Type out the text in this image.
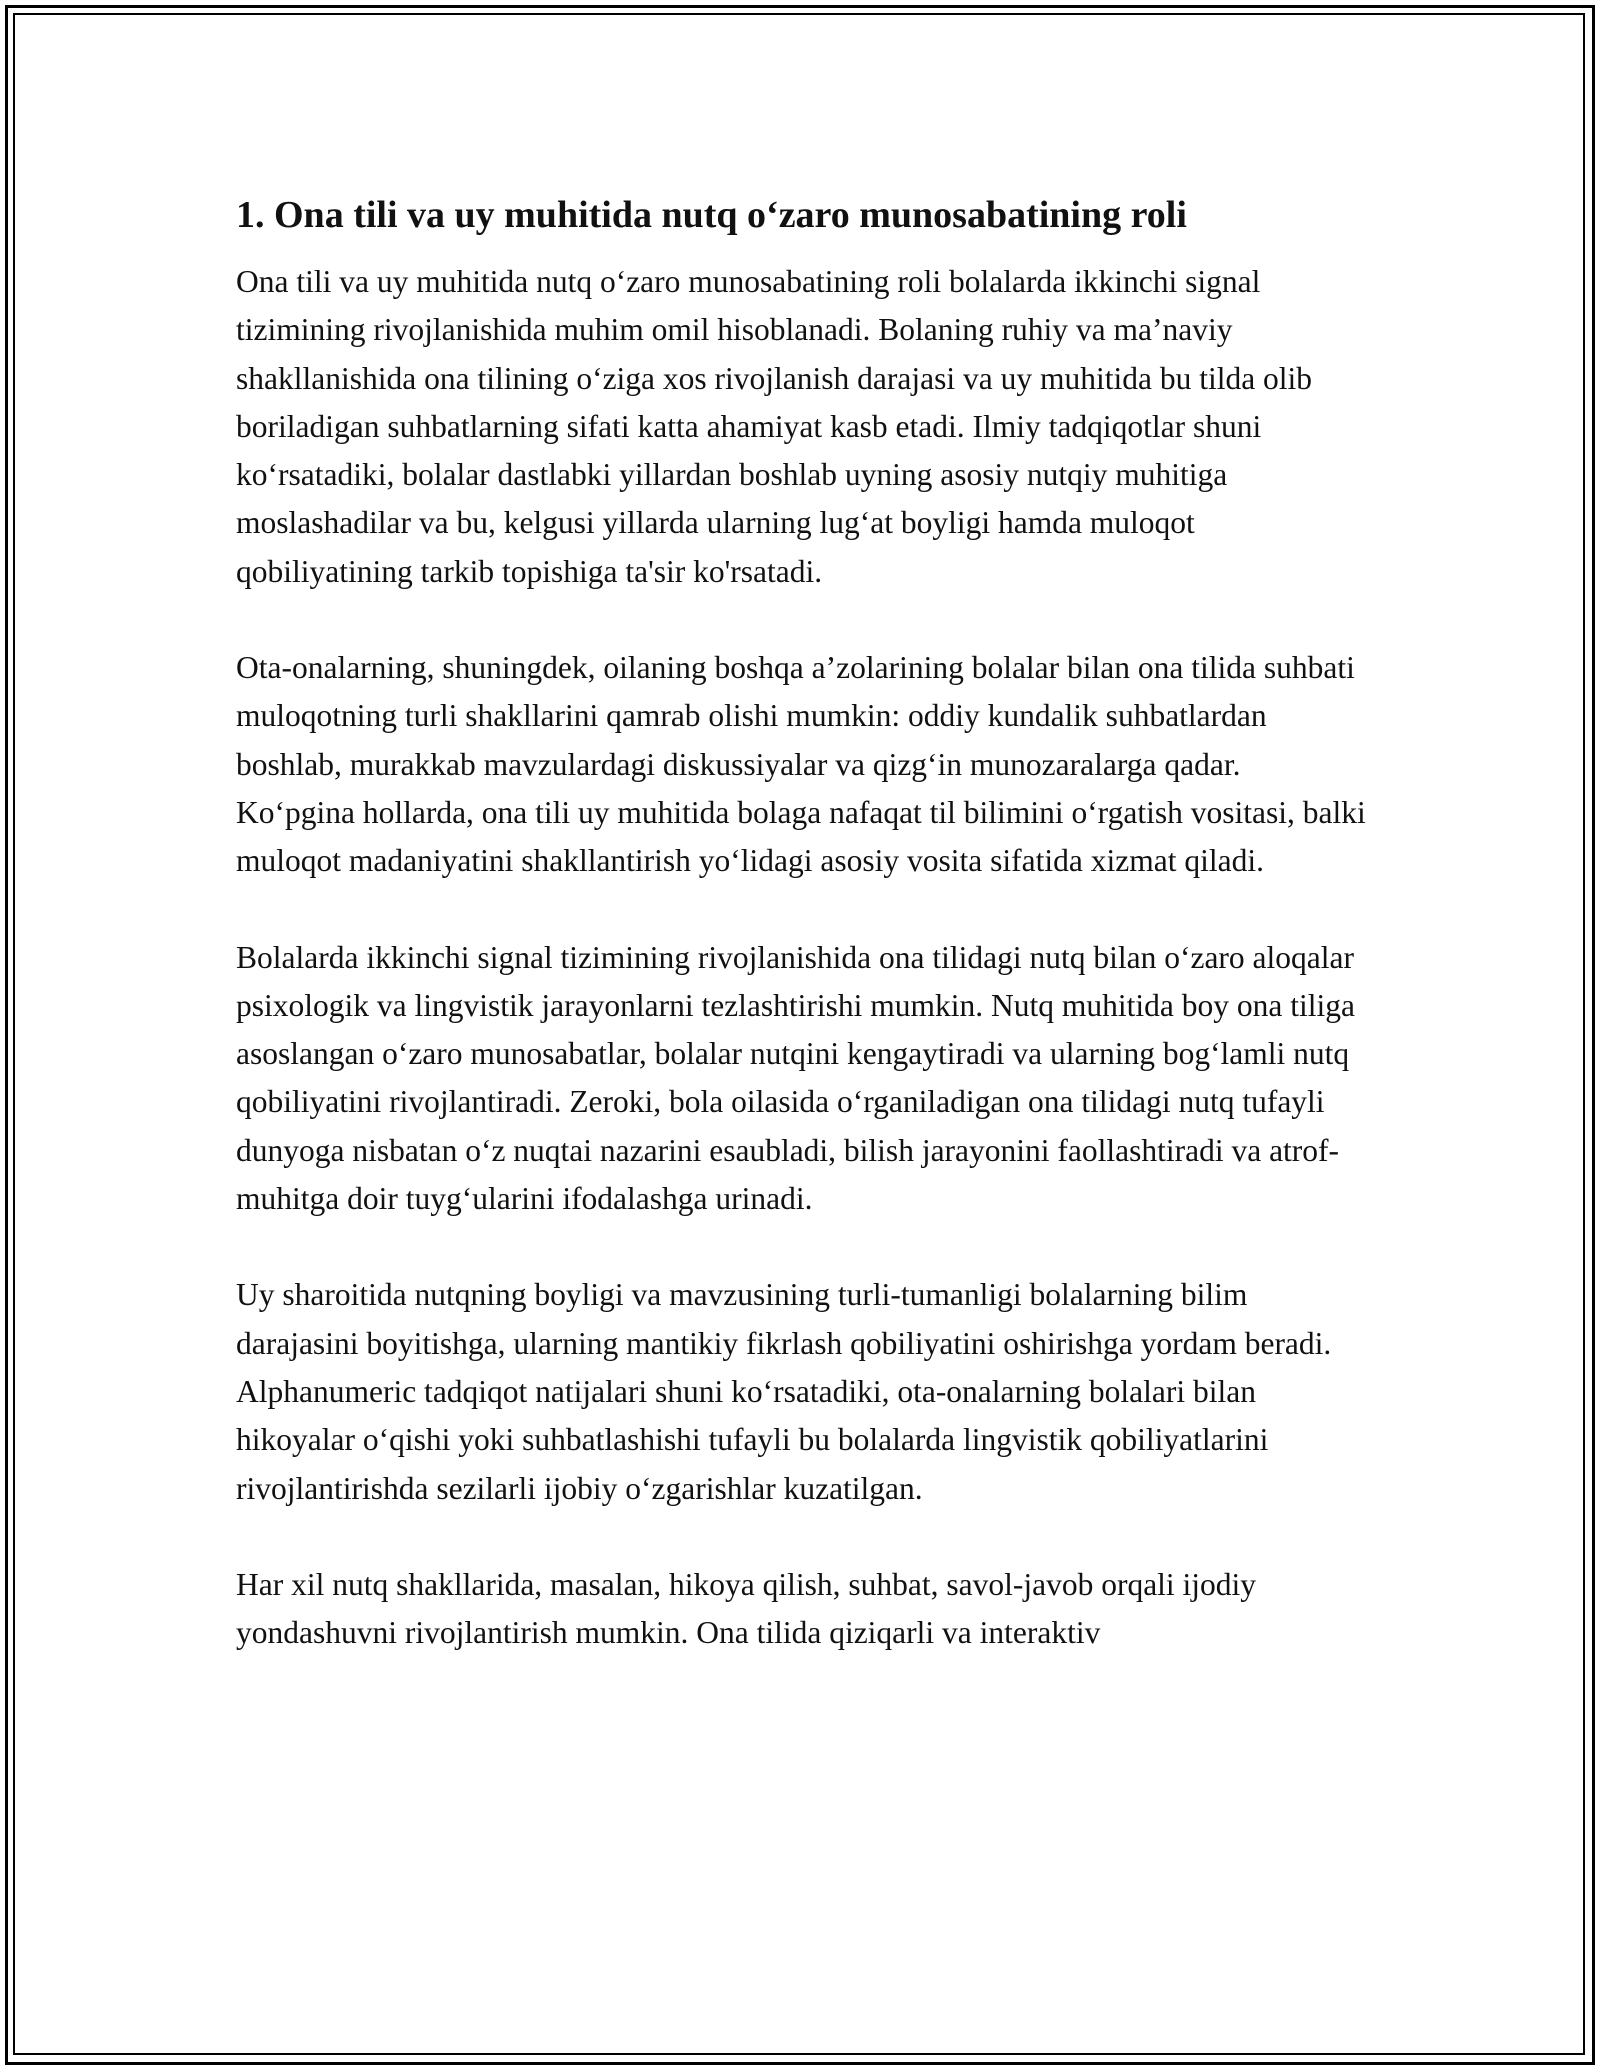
1. Ona tili va uy muhitida nutq o‘zaro munosabatining roli

Ona tili va uy muhitida nutq o‘zaro munosabatining roli bolalarda ikkinchi signal tizimining rivojlanishida muhim omil hisoblanadi. Bolaning ruhiy va ma’naviy shakllanishida ona tilining o‘ziga xos rivojlanish darajasi va uy muhitida bu tilda olib boriladigan suhbatlarning sifati katta ahamiyat kasb etadi. Ilmiy tadqiqotlar shuni ko‘rsatadiki, bolalar dastlabki yillardan boshlab uyning asosiy nutqiy muhitiga moslashadilar va bu, kelgusi yillarda ularning lug‘at boyligi hamda muloqot qobiliyatining tarkib topishiga ta'sir ko'rsatadi.

Ota-onalarning, shuningdek, oilaning boshqa a’zolarining bolalar bilan ona tilida suhbati muloqotning turli shakllarini qamrab olishi mumkin: oddiy kundalik suhbatlardan boshlab, murakkab mavzulardagi diskussiyalar va qizg‘in munozaralarga qadar. Ko‘pgina hollarda, ona tili uy muhitida bolaga nafaqat til bilimini o‘rgatish vositasi, balki muloqot madaniyatini shakllantirish yo‘lidagi asosiy vosita sifatida xizmat qiladi.

Bolalarda ikkinchi signal tizimining rivojlanishida ona tilidagi nutq bilan o‘zaro aloqalar psixologik va lingvistik jarayonlarni tezlashtirishi mumkin. Nutq muhitida boy ona tiliga asoslangan o‘zaro munosabatlar, bolalar nutqini kengaytiradi va ularning bog‘lamli nutq qobiliyatini rivojlantiradi. Zeroki, bola oilasida o‘rganiladigan ona tilidagi nutq tufayli dunyoga nisbatan o‘z nuqtai nazarini esaubladi, bilish jarayonini faollashtiradi va atrof-muhitga doir tuyg‘ularini ifodalashga urinadi.

Uy sharoitida nutqning boyligi va mavzusining turli-tumanligi bolalarning bilim darajasini boyitishga, ularning mantikiy fikrlash qobiliyatini oshirishga yordam beradi. Alphanumeric tadqiqot natijalari shuni ko‘rsatadiki, ota-onalarning bolalari bilan hikoyalar o‘qishi yoki suhbatlashishi tufayli bu bolalarda lingvistik qobiliyatlarini rivojlantirishda sezilarli ijobiy o‘zgarishlar kuzatilgan.

Har xil nutq shakllarida, masalan, hikoya qilish, suhbat, savol-javob orqali ijodiy yondashuvni rivojlantirish mumkin. Ona tilida qiziqarli va interaktiv
